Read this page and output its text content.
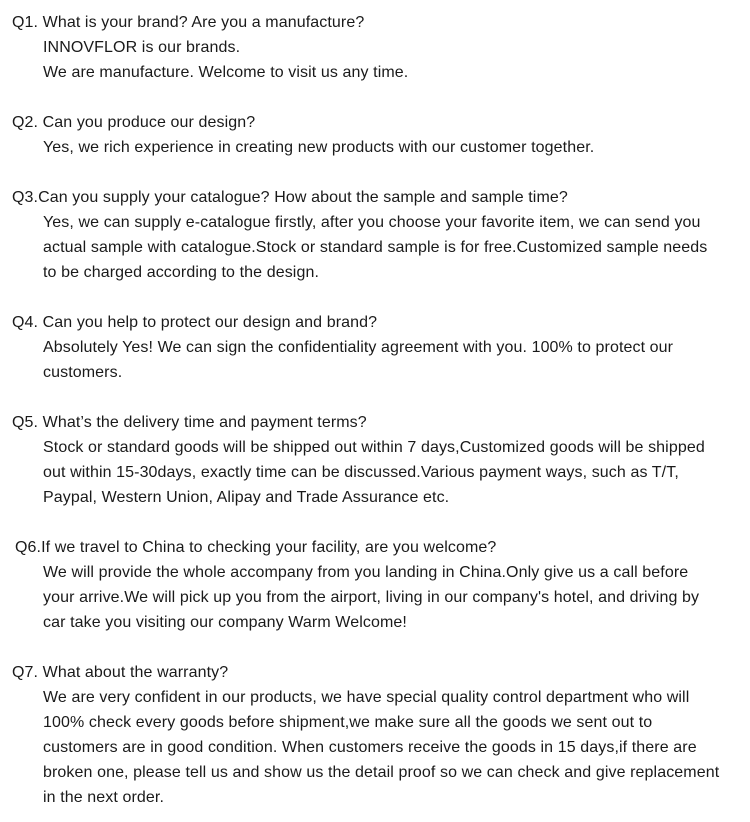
Q1. What is your brand? Are you a manufacture?
INNOVFLOR is our brands.
We are manufacture. Welcome to visit us any time.
Q2. Can you produce our design?
Yes, we rich experience in creating new products with our customer together.
Q3.Can you supply your catalogue? How about the sample and sample time?
Yes, we can supply e-catalogue firstly, after you choose your favorite item, we can send you
actual sample with catalogue.Stock or standard sample is for free.Customized sample needs
to be charged according to the design.
Q4. Can you help to protect our design and brand?
Absolutely Yes! We can sign the confidentiality agreement with you. 100% to protect our
customers.
Q5. What’s the delivery time and payment terms?
Stock or standard goods will be shipped out within 7 days,Customized goods will be shipped
out within 15-30days, exactly time can be discussed.Various payment ways, such as T/T,
Paypal, Western Union, Alipay and Trade Assurance etc.
Q6.If we travel to China to checking your facility, are you welcome?
We will provide the whole accompany from you landing in China.Only give us a call before
your arrive.We will pick up you from the airport, living in our company's hotel, and driving by
car take you visiting our company Warm Welcome!
Q7. What about the warranty?
We are very confident in our products, we have special quality control department who will
100% check every goods before shipment,we make sure all the goods we sent out to
customers are in good condition. When customers receive the goods in 15 days,if there are
broken one, please tell us and show us the detail proof so we can check and give replacement
in the next order.
